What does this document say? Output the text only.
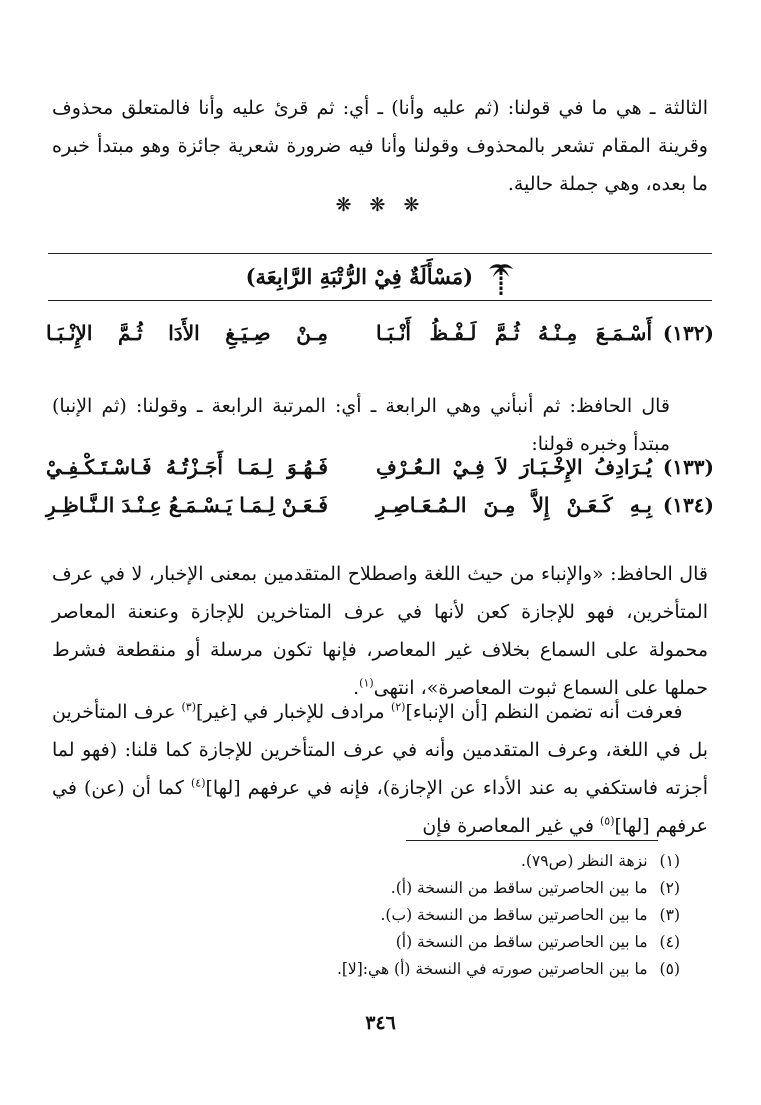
الثالثة ـ هي ما في قولنا: (ثم عليه وأنا) ـ أي: ثم قرئ عليه وأنا فالمتعلق محذوف وقرينة المقام تشعر بالمحذوف وقولنا وأنا فيه ضرورة شعرية جائزة وهو مبتدأ خبره ما بعده، وهي جملة حالية.

❋ ❋ ❋
(مَسْأَلَةٌ فِيْ الرُّتْبَةِ الرَّابِعَة)
(١٣٢)
أَسْـمَـعَ مِـنْـهُ ثُـمَّ لَـفْـظُ أَنْـبَـا
مِـنْ صِـيَـغِ الأَدَا ثُـمَّ الإِنْـبَـا

قال الحافظ: ثم أنبأني وهي الرابعة ـ أي: المرتبة الرابعة ـ وقولنا: (ثم الإنبا) مبتدأ وخبره قولنا:

(١٣٣)
يُـرَادِفُ الإِخْـبَـارَ لاَ فِـيْ الـعُـرْفِ
فَـهُـوَ لِـمَـا أَجَـزْتُـهُ فَـاسْـتَـكْـفِـيْ
(١٣٤)
بِـهِ كَـعَـنْ إِلاَّ مِـنَ الـمُـعَـاصِـرِ
فَـعَـنْ لِـمَـا يَـسْـمَـعُ عِـنْـدَ الـنَّـاظِـرِ

قال الحافظ: «والإنباء من حيث اللغة واصطلاح المتقدمين بمعنى الإخبار، لا في عرف المتأخرين، فهو للإجازة كعن لأنها في عرف المتاخرين للإجازة وعنعنة المعاصر محمولة على السماع بخلاف غير المعاصر، فإنها تكون مرسلة أو منقطعة فشرط حملها على السماع ثبوت المعاصرة»، انتهى$^{(١)}$.

فعرفت أنه تضمن النظم [أن الإنباء]$^{(٢)}$ مرادف للإخبار في [غير]$^{(٣)}$ عرف المتأخرين بل في اللغة، وعرف المتقدمين وأنه في عرف المتأخرين للإجازة كما قلنا: (فهو لما أجزته فاستكفي به عند الأداء عن الإجازة)، فإنه في عرفهم [لها]$^{(٤)}$ كما أن (عن) في عرفهم [لها]$^{(٥)}$ في غير المعاصرة فإن

(١)نزهة النظر (ص٧٩).
(٢)ما بين الحاصرتين ساقط من النسخة (أ).
(٣)ما بين الحاصرتين ساقط من النسخة (ب).
(٤)ما بين الحاصرتين ساقط من النسخة (أ)
(٥)ما بين الحاصرتين صورته في النسخة (أ) هي:[لا].
٣٤٦
